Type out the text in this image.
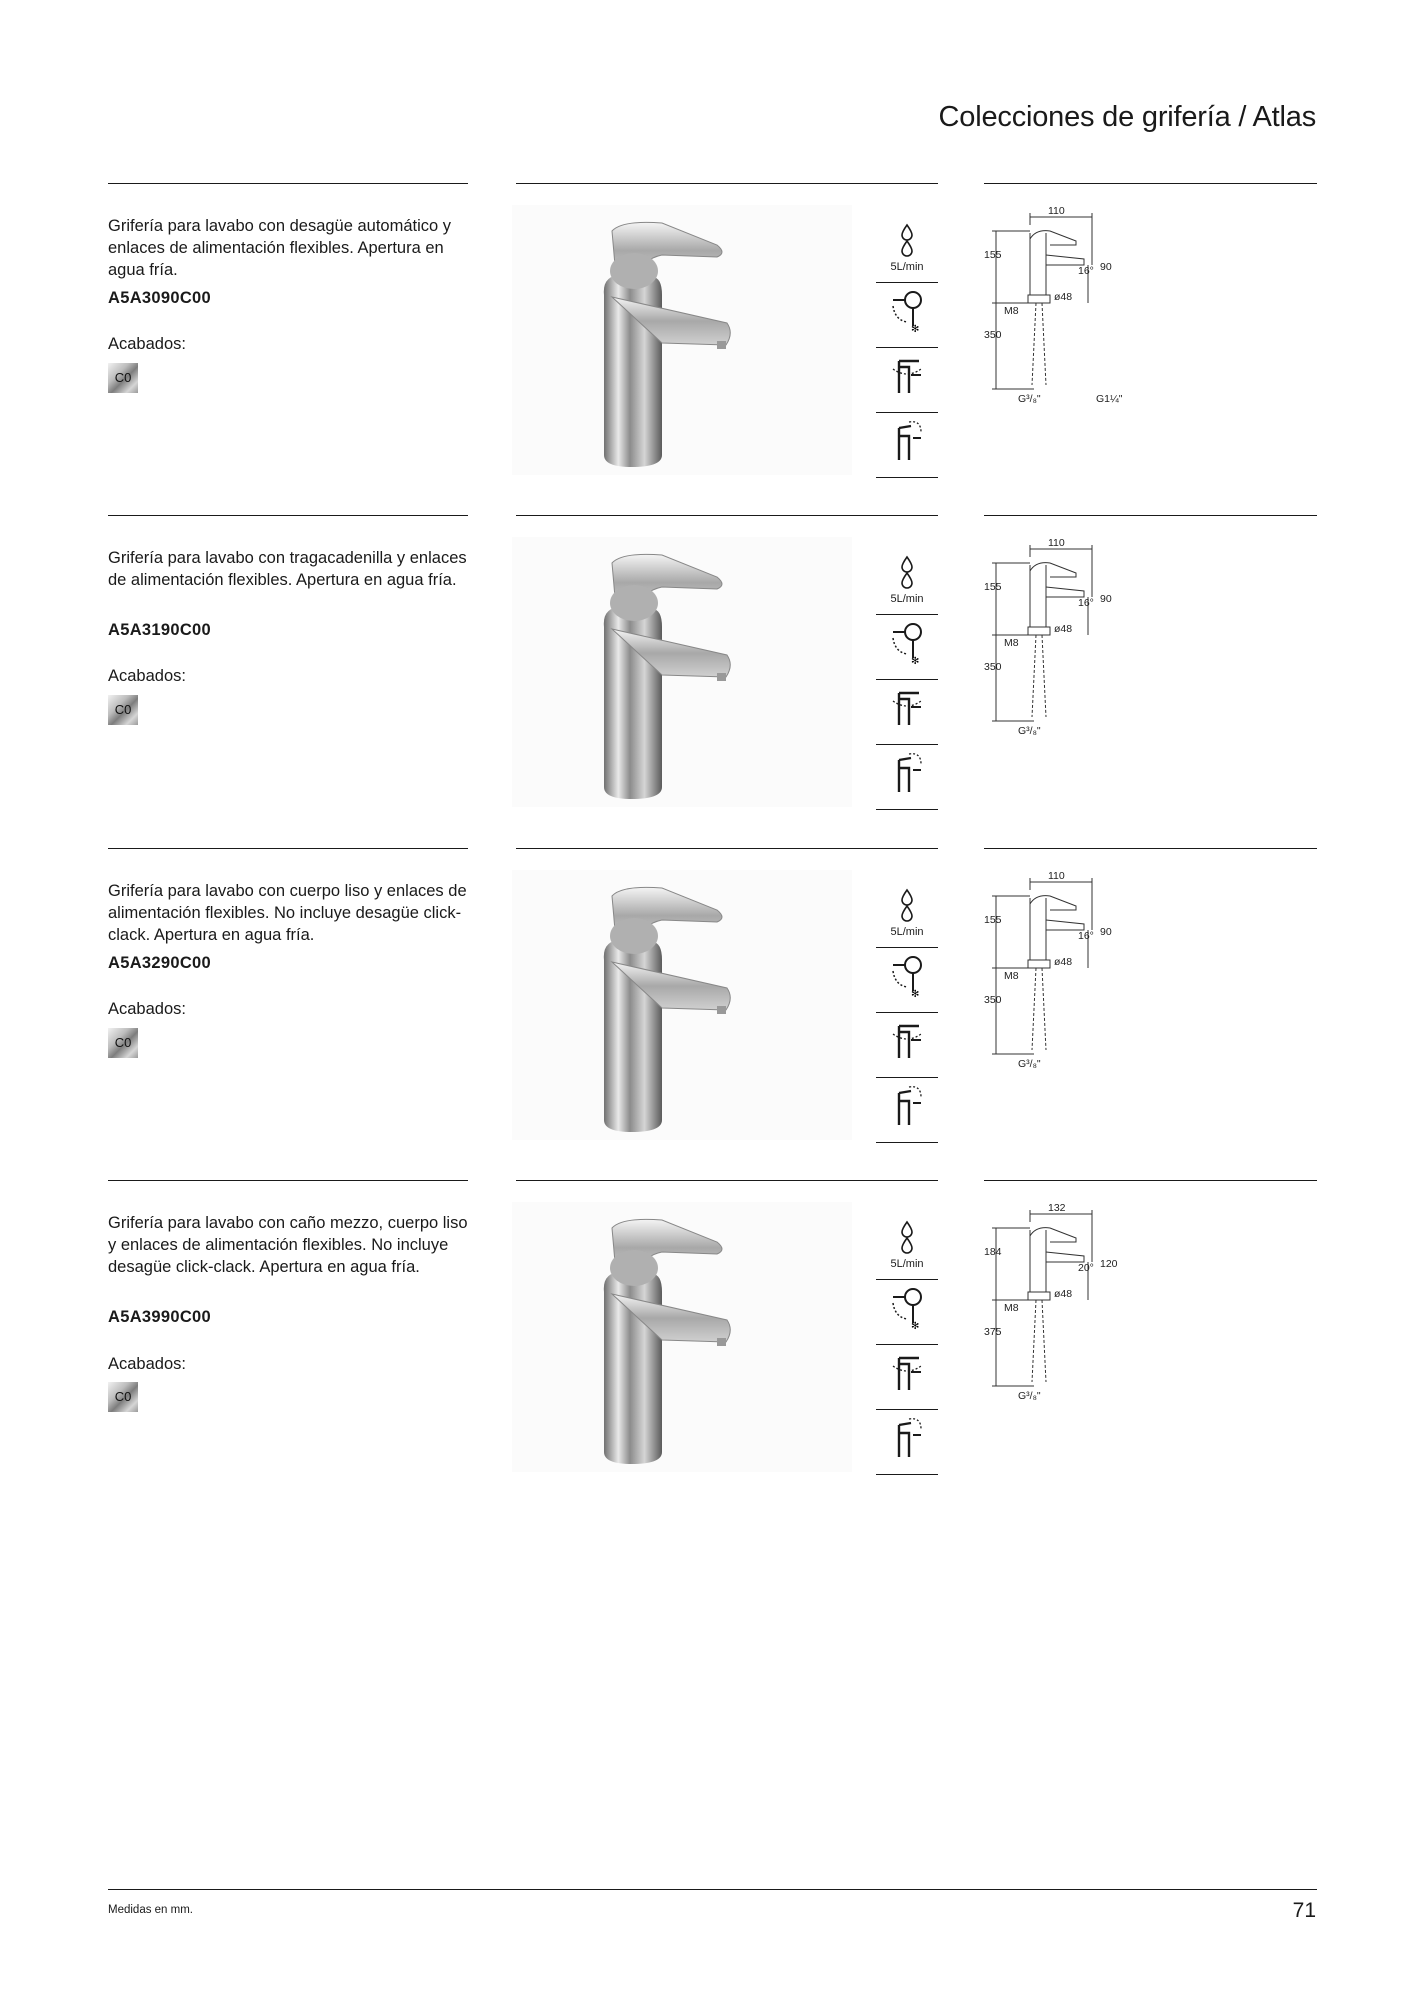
Colecciones de grifería / Atlas
Grifería para lavabo con desagüe automático y enlaces de alimentación flexibles. Apertura en agua fría.
A5A3090C00
Acabados:
C0
5L/min
✻
110
155
16° 90
ø48
M8
350
G³/₈"	G1¼"
Grifería para lavabo con tragacadenilla y enlaces de alimentación flexibles. Apertura en agua fría.
A5A3190C00
Acabados:
C0
5L/min
✻
110
155
16° 90
ø48
M8
350
G³/₈"
Grifería para lavabo con cuerpo liso y enlaces de alimentación flexibles. No incluye desagüe click-clack. Apertura en agua fría.
A5A3290C00
Acabados:
C0
5L/min
✻
110
155
16° 90
ø48
M8
350
G³/₈"
Grifería para lavabo con caño mezzo, cuerpo liso y enlaces de alimentación flexibles. No incluye desagüe click-clack. Apertura en agua fría.
A5A3990C00
Acabados:
C0
5L/min
✻
132
184
20° 120
ø48
M8
375
G³/₈"
Medidas en mm.	71
